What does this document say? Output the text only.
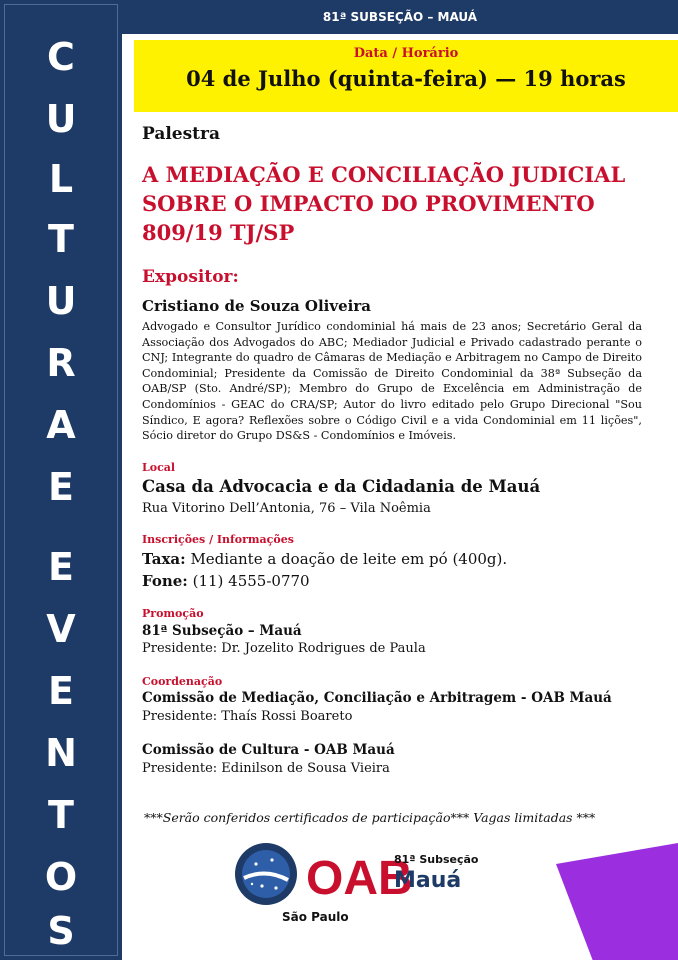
C
U
L
T
U
R
A
E
E
V
E
N
T
O
S
81ª SUBSEÇÃO – MAUÁ
Data / Horário
04 de Julho (quinta-feira) — 19 horas
Palestra
A MEDIAÇÃO E CONCILIAÇÃO JUDICIAL SOBRE O IMPACTO DO PROVIMENTO 809/19 TJ/SP
Expositor:
Cristiano de Souza Oliveira
Advogado e Consultor Jurídico condominial há mais de 23 anos; Secretário Geral da Associação dos Advogados do ABC; Mediador Judicial e Privado cadastrado perante o CNJ; Integrante do quadro de Câmaras de Mediação e Arbitragem no Campo de Direito Condominial; Presidente da Comissão de Direito Condominial da 38ª Subseção da OAB/SP (Sto. André/SP); Membro do Grupo de Excelência em Administração de Condomínios - GEAC do CRA/SP; Autor do livro editado pelo Grupo Direcional "Sou Síndico, E agora? Reflexões sobre o Código Civil e a vida Condominial em 11 lições", Sócio diretor do Grupo DS&S - Condomínios e Imóveis.
Local
Casa da Advocacia e da Cidadania de Mauá
Rua Vitorino Dell’Antonia, 76 – Vila Noêmia
Inscrições / Informações
Taxa: Mediante a doação de leite em pó (400g).
Fone: (11) 4555-0770
Promoção
81ª Subseção – Mauá
Presidente: Dr. Jozelito Rodrigues de Paula
Coordenação
Comissão de Mediação, Conciliação e Arbitragem - OAB Mauá
Presidente: Thaís Rossi Boareto
Comissão de Cultura - OAB Mauá
Presidente: Edinilson de Sousa Vieira
***Serão conferidos certificados de participação*** Vagas limitadas ***
OAB
São Paulo
81ª Subseção
Mauá
